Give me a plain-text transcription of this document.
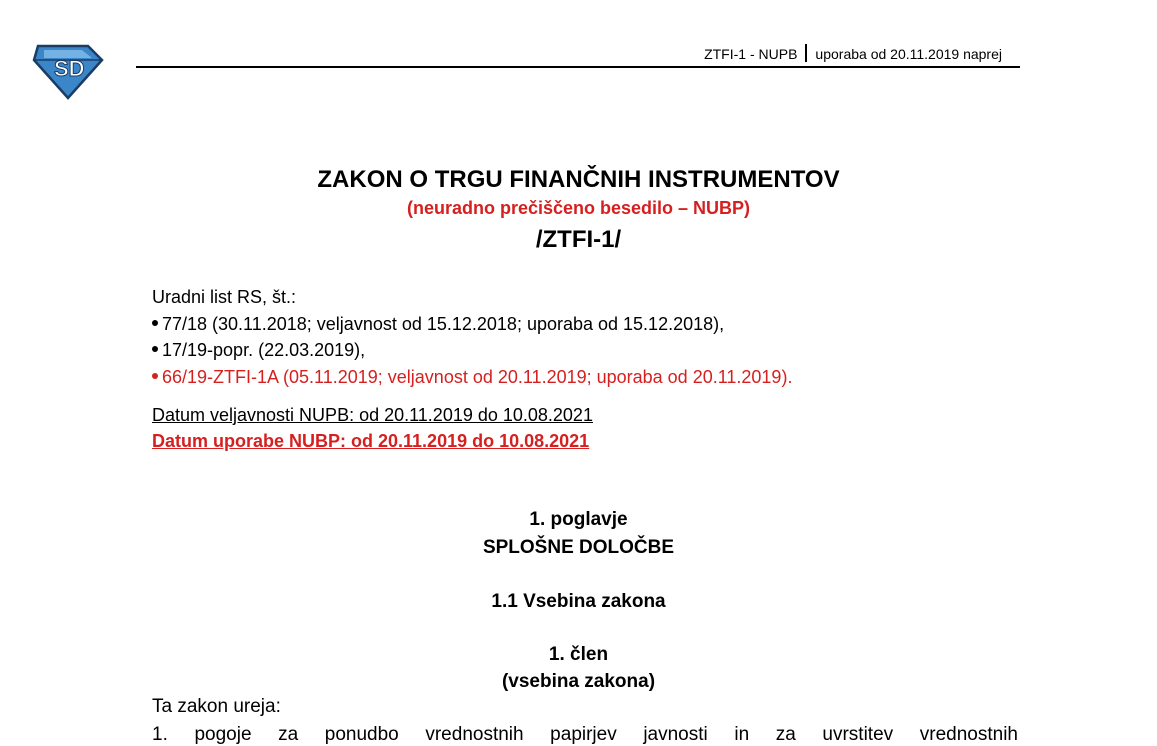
SD
ZTFI-1 - NUPB uporaba od 20.11.2019 naprej
ZAKON O TRGU FINANČNIH INSTRUMENTOV
(neuradno prečiščeno besedilo – NUBP)
/ZTFI-1/
Uradni list RS, št.:
77/18 (30.11.2018; veljavnost od 15.12.2018; uporaba od 15.12.2018),
17/19-popr. (22.03.2019),
66/19-ZTFI-1A (05.11.2019; veljavnost od 20.11.2019; uporaba od 20.11.2019).
Datum veljavnosti NUPB: od 20.11.2019 do 10.08.2021
Datum uporabe NUBP: od 20.11.2019 do 10.08.2021
1. poglavje
SPLOŠNE DOLOČBE
1.1 Vsebina zakona
1. člen
(vsebina zakona)
Ta zakon ureja:
1. pogoje za ponudbo vrednostnih papirjev javnosti in za uvrstitev vrednostnih
